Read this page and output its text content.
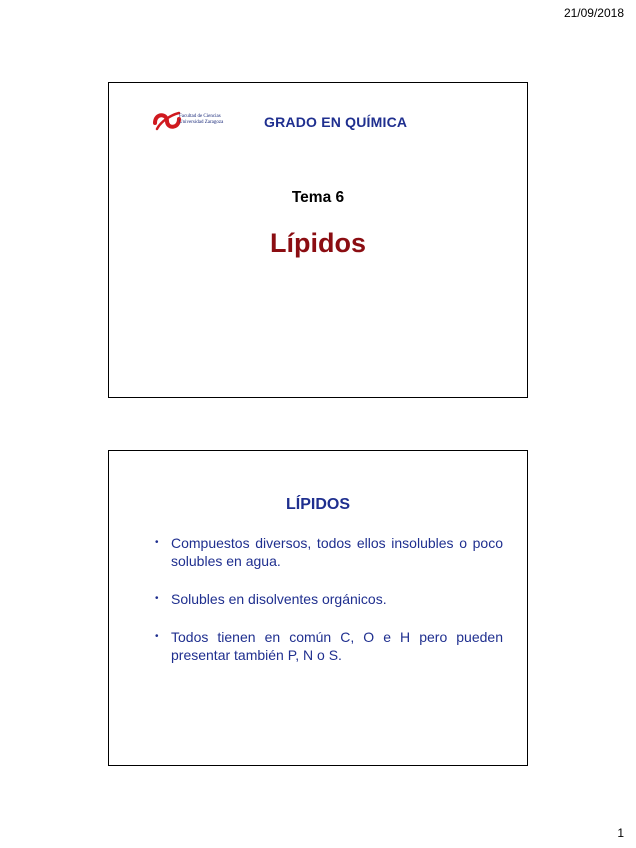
21/09/2018
Facultad de Ciencias
Universidad Zaragoza	GRADO EN QUÍMICA
Tema 6
Lípidos
LÍPIDOS
• Compuestos diversos, todos ellos insolubles o poco solubles en agua.
• Solubles en disolventes orgánicos.
• Todos tienen en común C, O e H pero pueden presentar también P, N o S.
1
